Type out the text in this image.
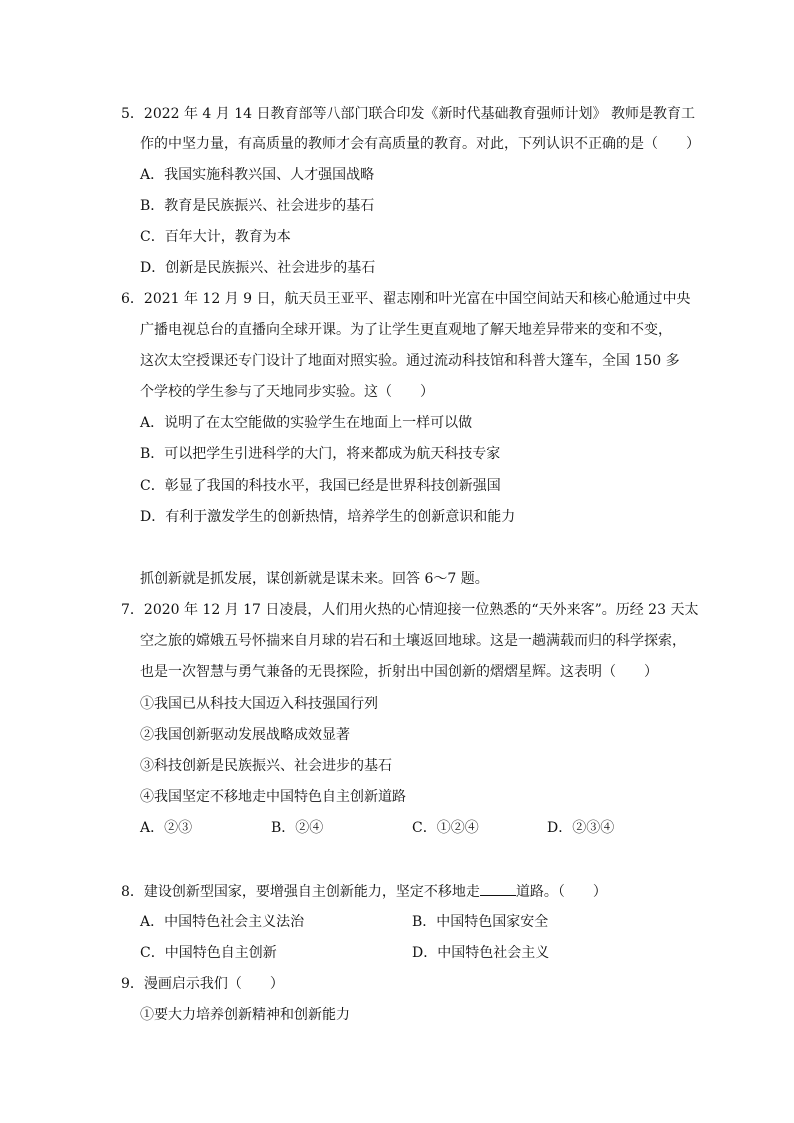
5．2022 年 4 月 14 日教育部等八部门联合印发《新时代基础教育强师计划》 教师是教育工
作的中坚力量，有高质量的教师才会有高质量的教育。对此，下列认识不正确的是（　　）
A．我国实施科教兴国、人才强国战略
B．教育是民族振兴、社会进步的基石
C．百年大计，教育为本
D．创新是民族振兴、社会进步的基石
6．2021 年 12 月 9 日，航天员王亚平、翟志刚和叶光富在中国空间站天和核心舱通过中央
广播电视总台的直播向全球开课。为了让学生更直观地了解天地差异带来的变和不变，
这次太空授课还专门设计了地面对照实验。通过流动科技馆和科普大篷车，全国 150 多
个学校的学生参与了天地同步实验。这（　　）
A．说明了在太空能做的实验学生在地面上一样可以做
B．可以把学生引进科学的大门，将来都成为航天科技专家
C．彰显了我国的科技水平，我国已经是世界科技创新强国
D．有利于激发学生的创新热情，培养学生的创新意识和能力
抓创新就是抓发展，谋创新就是谋未来。回答 6～7 题。
7．2020 年 12 月 17 日凌晨，人们用火热的心情迎接一位熟悉的“天外来客”。历经 23 天太
空之旅的嫦娥五号怀揣来自月球的岩石和土壤返回地球。这是一趟满载而归的科学探索，
也是一次智慧与勇气兼备的无畏探险，折射出中国创新的熠熠星辉。这表明（　　）
①我国已从科技大国迈入科技强国行列
②我国创新驱动发展战略成效显著
③科技创新是民族振兴、社会进步的基石
④我国坚定不移地走中国特色自主创新道路
A．②③	B．②④	C．①②④	D．②③④
8．建设创新型国家，要增强自主创新能力，坚定不移地走	道路。（　　）
A．中国特色社会主义法治	B．中国特色国家安全
C．中国特色自主创新	D．中国特色社会主义
9．漫画启示我们（　　）
①要大力培养创新精神和创新能力
